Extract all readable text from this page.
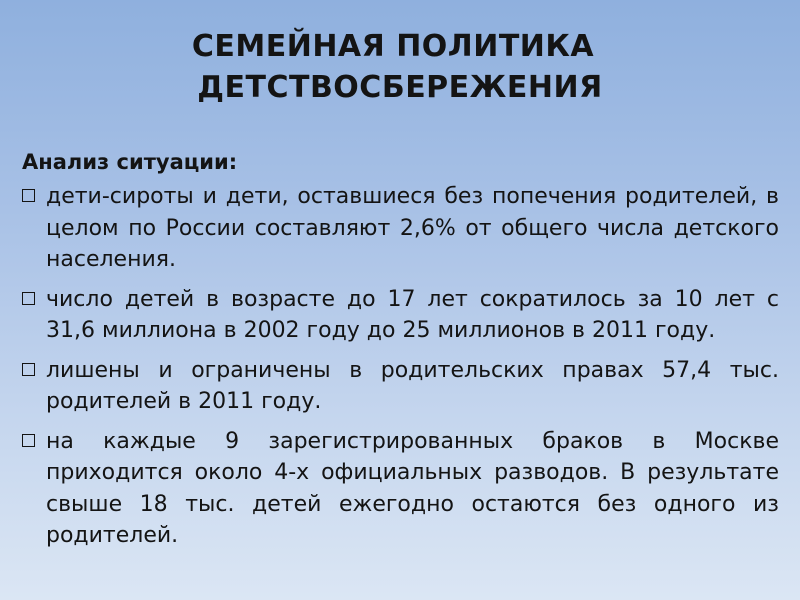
СЕМЕЙНАЯ ПОЛИТИКА
ДЕТСТВОСБЕРЕЖЕНИЯ
Анализ ситуации:
дети-сироты и дети, оставшиеся без попечения родителей, в целом по России составляют 2,6% от общего числа детского населения.
число детей в возрасте до 17 лет сократилось за 10 лет с 31,6 миллиона в 2002 году до 25 миллионов в 2011 году.
лишены и ограничены в родительских правах 57,4 тыс. родителей в 2011 году.
на каждые 9 зарегистрированных браков в Москве приходится около 4-х официальных разводов. В результате свыше 18 тыс. детей ежегодно остаются без одного из родителей.
